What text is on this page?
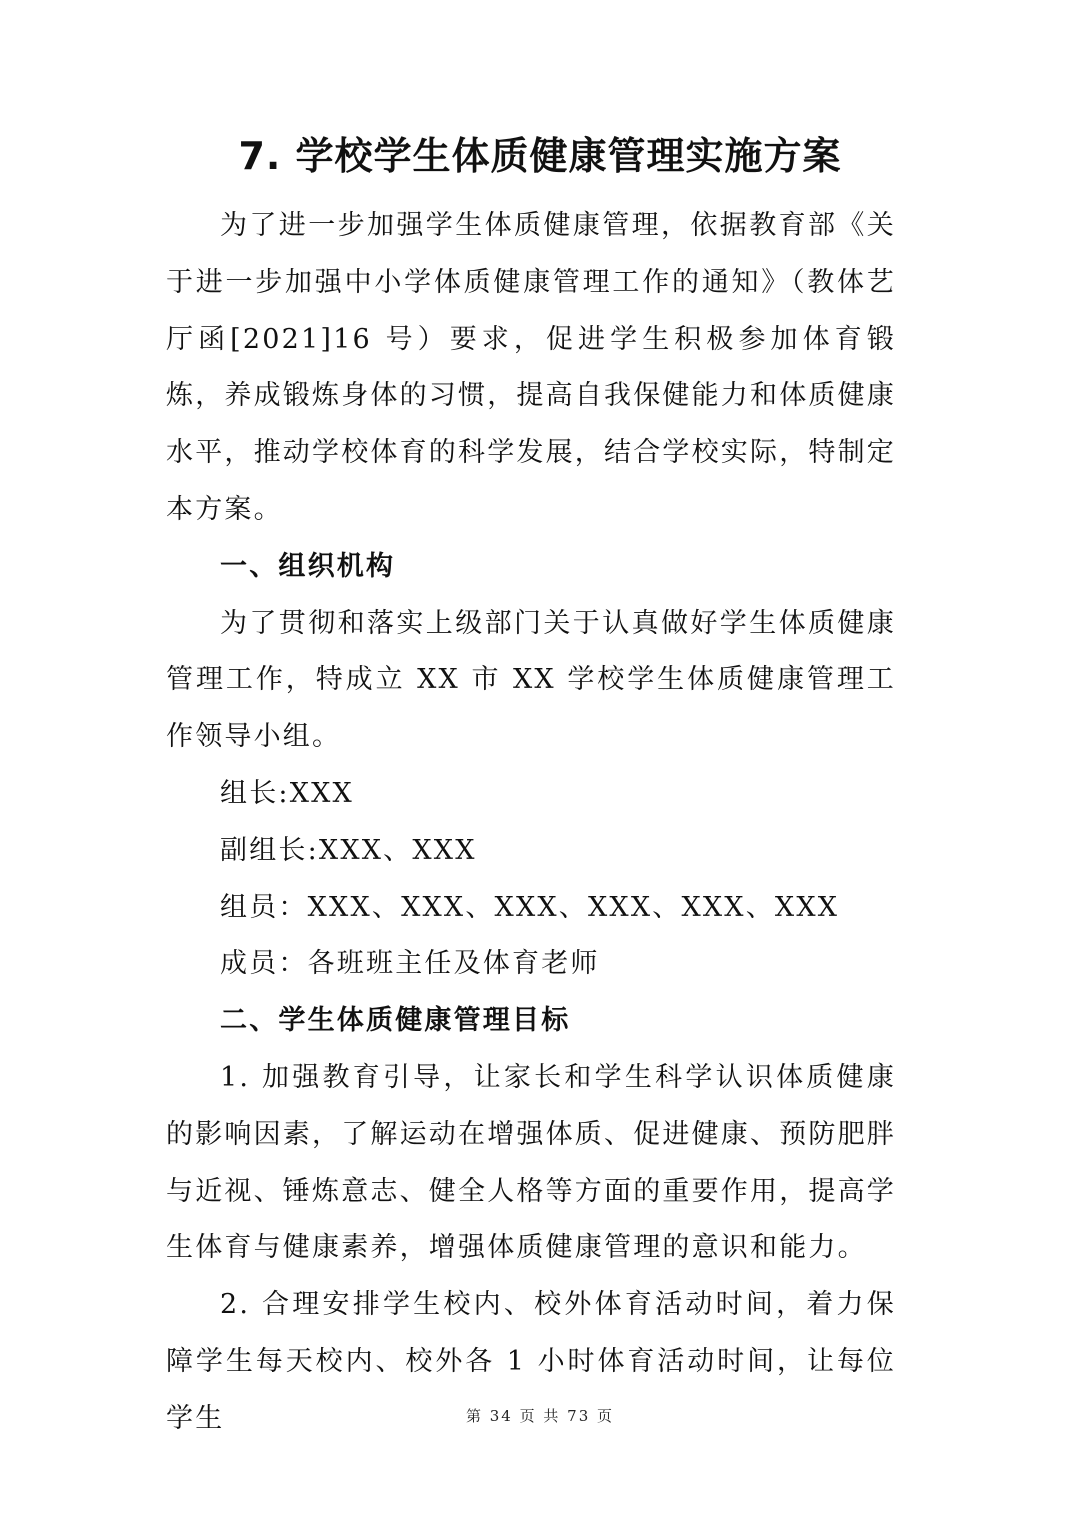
7. 学校学生体质健康管理实施方案

为了进一步加强学生体质健康管理，依据教育部《关于进一步加强中小学体质健康管理工作的通知》（教体艺厅函[2021]16 号）要求，促进学生积极参加体育锻炼，养成锻炼身体的习惯，提高自我保健能力和体质健康水平，推动学校体育的科学发展，结合学校实际，特制定本方案。

一、组织机构

为了贯彻和落实上级部门关于认真做好学生体质健康管理工作，特成立 XX 市 XX 学校学生体质健康管理工作领导小组。

组长:XXX

副组长:XXX、XXX

组员：XXX、XXX、XXX、XXX、XXX、XXX

成员：各班班主任及体育老师

二、学生体质健康管理目标

1. 加强教育引导，让家长和学生科学认识体质健康的影响因素，了解运动在增强体质、促进健康、预防肥胖与近视、锤炼意志、健全人格等方面的重要作用，提高学生体育与健康素养，增强体质健康管理的意识和能力。

2. 合理安排学生校内、校外体育活动时间，着力保障学生每天校内、校外各 1 小时体育活动时间，让每位学生	第 34 页 共 73 页
